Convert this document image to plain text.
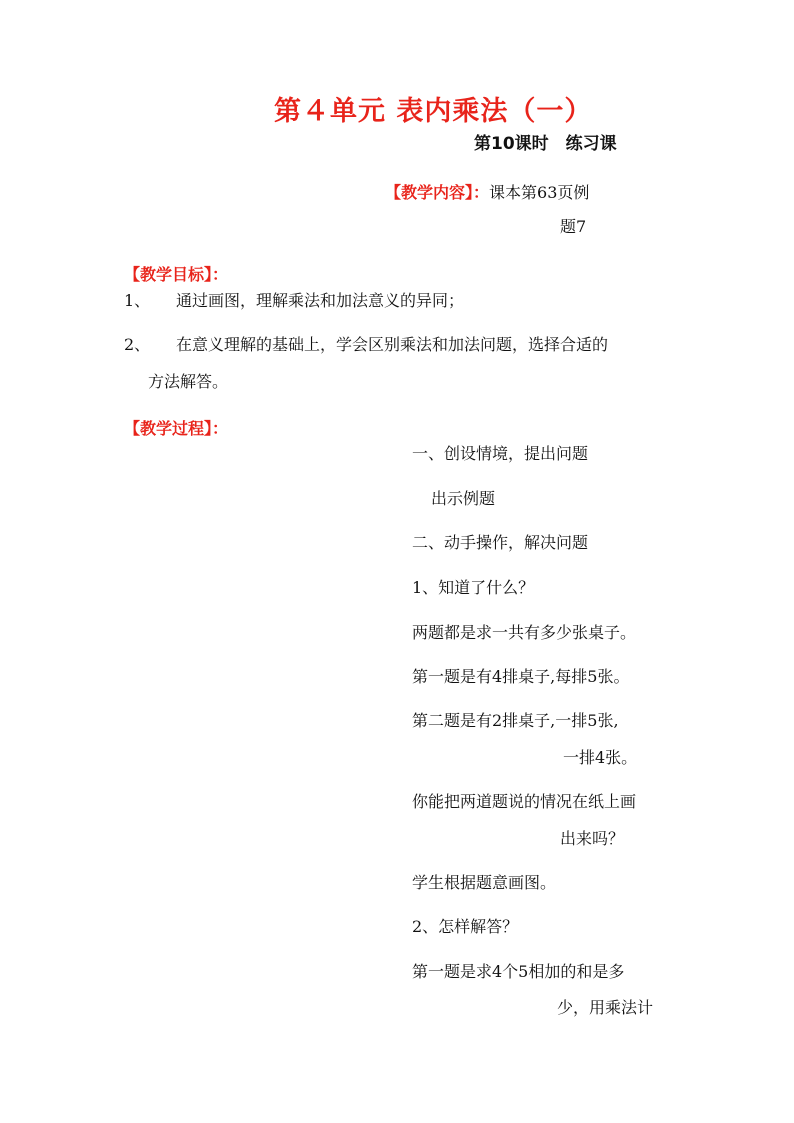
第４单元 表内乘法（一）
第10课时　练习课
【教学内容】：课本第63页例
题7
【教学目标】：
1、 通过画图，理解乘法和加法意义的异同；
2、 在意义理解的基础上，学会区别乘法和加法问题，选择合适的
方法解答。
【教学过程】：
一、创设情境，提出问题
出示例题
二、动手操作，解决问题
1、知道了什么？
两题都是求一共有多少张桌子。
第一题是有4排桌子,每排5张。
第二题是有2排桌子,一排5张,
一排4张。
你能把两道题说的情况在纸上画
出来吗？
学生根据题意画图。
2、怎样解答？
第一题是求4个5相加的和是多
少，用乘法计
